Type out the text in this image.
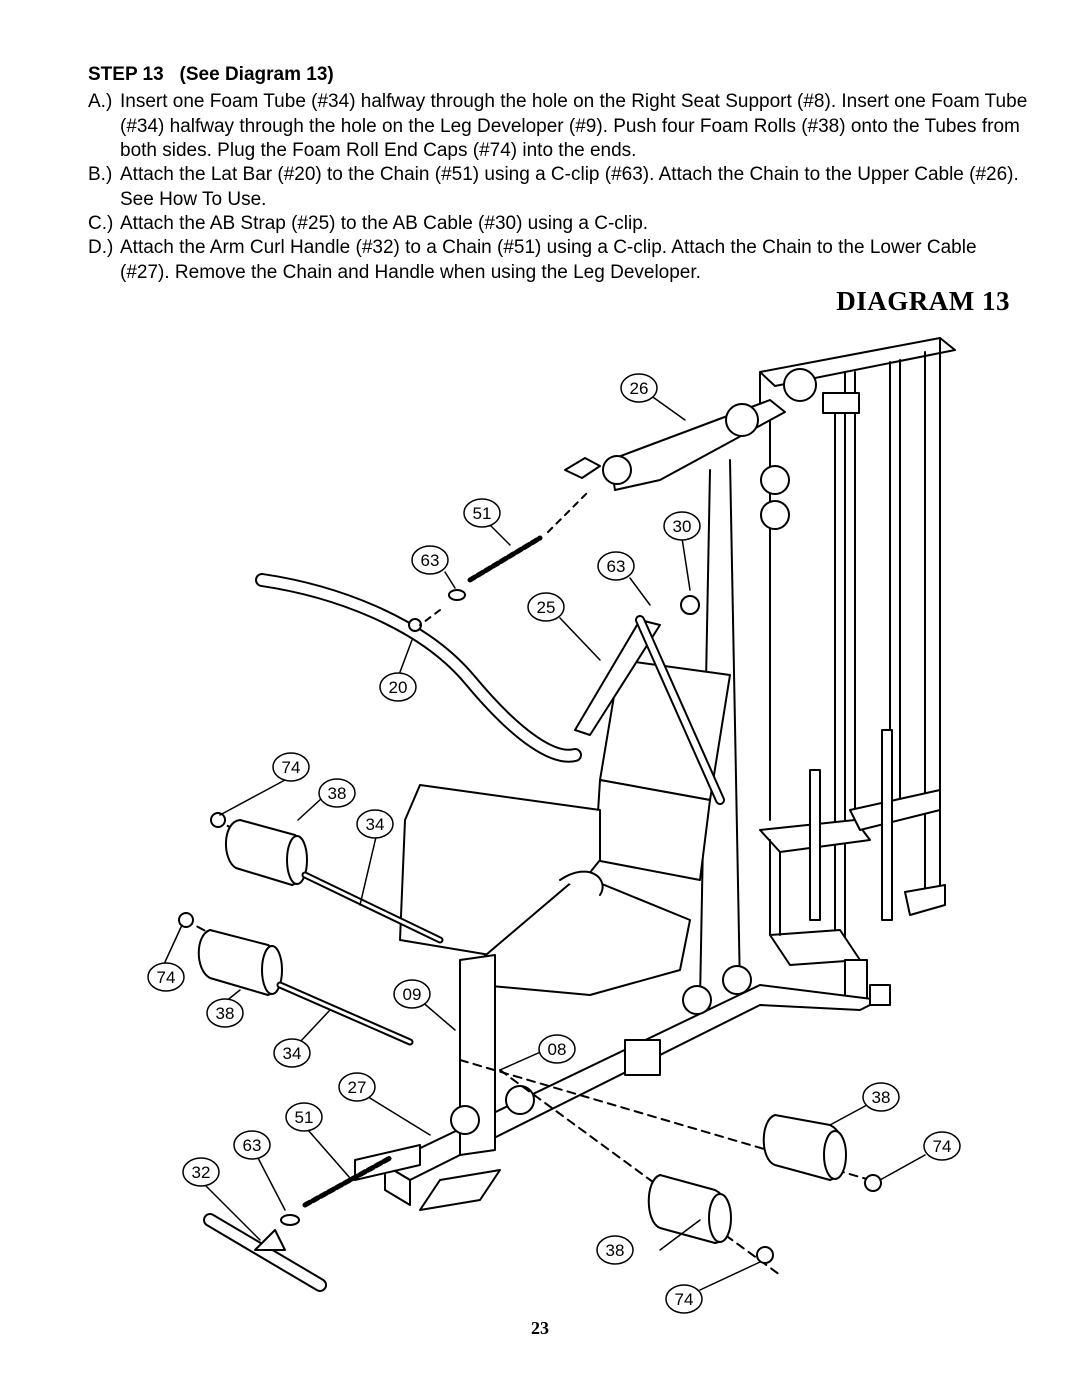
STEP 13   (See Diagram 13)
A.) Insert one Foam Tube (#34) halfway through the hole on the Right Seat Support (#8). Insert one Foam Tube (#34) halfway through the hole on the Leg Developer (#9). Push four Foam Rolls (#38) onto the Tubes from both sides. Plug the Foam Roll End Caps (#74) into the ends.
B.) Attach the Lat Bar (#20) to the Chain (#51) using a C-clip (#63). Attach the Chain to the Upper Cable (#26). See How To Use.
C.) Attach the AB Strap (#25) to the AB Cable (#30) using a C-clip.
D.) Attach the Arm Curl Handle (#32) to a Chain (#51) using a C-clip. Attach the Chain to the Lower Cable (#27). Remove the Chain and Handle when using the Leg Developer.
DIAGRAM 13
26
51
30
63	63
25
20
74
38
34
74
38
34
09
08
27
51
63
32
38
74
38
74
23
